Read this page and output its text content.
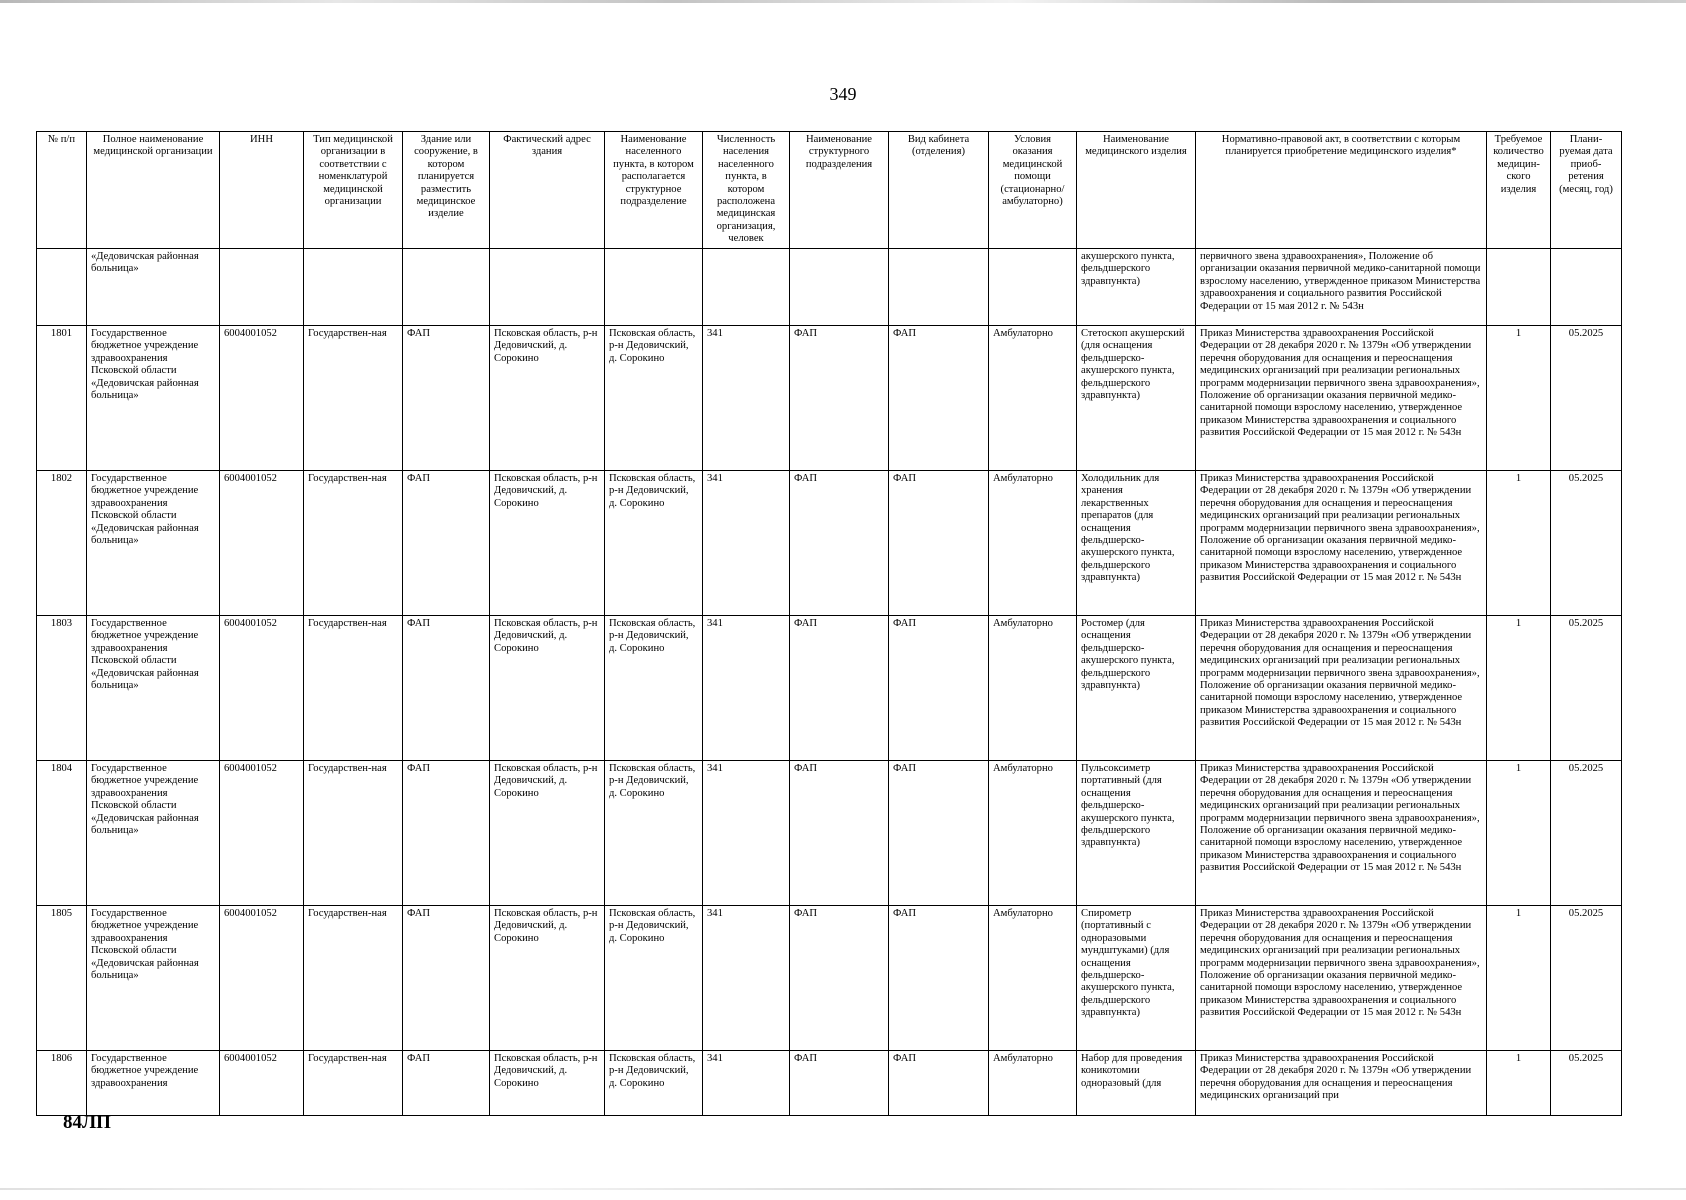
349
№ п/п	Полное наименование медицинской организации	ИНН	Тип медицинской организации в соответствии с номенклатурой медицинской организации	Здание или сооружение, в котором планируется разместить медицинское изделие	Фактический адрес здания	Наименование населенного пункта, в котором располагается структурное подразделение	Численность населения населенного пункта, в котором расположена медицинская организация, человек	Наименование структурного подразделения	Вид кабинета (отделения)	Условия оказания медицинской помощи (стационарно/ амбулаторно)	Наименование медицинского изделия	Нормативно-правовой акт, в соответствии с которым планируется приобретение медицинского изделия*	Требуемое количество медицин-ского изделия	Плани-руемая дата приоб-ретения (месяц, год)
	«Дедовичская районная больница»										акушерского пункта, фельдшерского здравпункта)	первичного звена здравоохранения», Положение об организации оказания первичной медико-санитарной помощи взрослому населению, утвержденное приказом Министерства здравоохранения и социального развития Российской Федерации от 15 мая 2012 г. № 543н		
1801	Государственное бюджетное учреждение здравоохранения Псковской области «Дедовичская районная больница»	6004001052	Государствен-ная	ФАП	Псковская область, р-н Дедовичский, д. Сорокино	Псковская область, р-н Дедовичский, д. Сорокино	341	ФАП	ФАП	Амбулаторно	Стетоскоп акушерский (для оснащения фельдшерско-акушерского пункта, фельдшерского здравпункта)	Приказ Министерства здравоохранения Российской Федерации от 28 декабря 2020 г. № 1379н «Об утверждении перечня оборудования для оснащения и переоснащения медицинских организаций при реализации региональных программ модернизации первичного звена здравоохранения», Положение об организации оказания первичной медико-санитарной помощи взрослому населению, утвержденное приказом Министерства здравоохранения и социального развития Российской Федерации от 15 мая 2012 г. № 543н	1	05.2025
1802	Государственное бюджетное учреждение здравоохранения Псковской области «Дедовичская районная больница»	6004001052	Государствен-ная	ФАП	Псковская область, р-н Дедовичский, д. Сорокино	Псковская область, р-н Дедовичский, д. Сорокино	341	ФАП	ФАП	Амбулаторно	Холодильник для хранения лекарственных препаратов (для оснащения фельдшерско-акушерского пункта, фельдшерского здравпункта)	Приказ Министерства здравоохранения Российской Федерации от 28 декабря 2020 г. № 1379н «Об утверждении перечня оборудования для оснащения и переоснащения медицинских организаций при реализации региональных программ модернизации первичного звена здравоохранения», Положение об организации оказания первичной медико-санитарной помощи взрослому населению, утвержденное приказом Министерства здравоохранения и социального развития Российской Федерации от 15 мая 2012 г. № 543н	1	05.2025
1803	Государственное бюджетное учреждение здравоохранения Псковской области «Дедовичская районная больница»	6004001052	Государствен-ная	ФАП	Псковская область, р-н Дедовичский, д. Сорокино	Псковская область, р-н Дедовичский, д. Сорокино	341	ФАП	ФАП	Амбулаторно	Ростомер (для оснащения фельдшерско-акушерского пункта, фельдшерского здравпункта)	Приказ Министерства здравоохранения Российской Федерации от 28 декабря 2020 г. № 1379н «Об утверждении перечня оборудования для оснащения и переоснащения медицинских организаций при реализации региональных программ модернизации первичного звена здравоохранения», Положение об организации оказания первичной медико-санитарной помощи взрослому населению, утвержденное приказом Министерства здравоохранения и социального развития Российской Федерации от 15 мая 2012 г. № 543н	1	05.2025
1804	Государственное бюджетное учреждение здравоохранения Псковской области «Дедовичская районная больница»	6004001052	Государствен-ная	ФАП	Псковская область, р-н Дедовичский, д. Сорокино	Псковская область, р-н Дедовичский, д. Сорокино	341	ФАП	ФАП	Амбулаторно	Пульсоксиметр портативный (для оснащения фельдшерско-акушерского пункта, фельдшерского здравпункта)	Приказ Министерства здравоохранения Российской Федерации от 28 декабря 2020 г. № 1379н «Об утверждении перечня оборудования для оснащения и переоснащения медицинских организаций при реализации региональных программ модернизации первичного звена здравоохранения», Положение об организации оказания первичной медико-санитарной помощи взрослому населению, утвержденное приказом Министерства здравоохранения и социального развития Российской Федерации от 15 мая 2012 г. № 543н	1	05.2025
1805	Государственное бюджетное учреждение здравоохранения Псковской области «Дедовичская районная больница»	6004001052	Государствен-ная	ФАП	Псковская область, р-н Дедовичский, д. Сорокино	Псковская область, р-н Дедовичский, д. Сорокино	341	ФАП	ФАП	Амбулаторно	Спирометр (портативный с одноразовыми мундштуками) (для оснащения фельдшерско-акушерского пункта, фельдшерского здравпункта)	Приказ Министерства здравоохранения Российской Федерации от 28 декабря 2020 г. № 1379н «Об утверждении перечня оборудования для оснащения и переоснащения медицинских организаций при реализации региональных программ модернизации первичного звена здравоохранения», Положение об организации оказания первичной медико-санитарной помощи взрослому населению, утвержденное приказом Министерства здравоохранения и социального развития Российской Федерации от 15 мая 2012 г. № 543н	1	05.2025
1806	Государственное бюджетное учреждение здравоохранения	6004001052	Государствен-ная	ФАП	Псковская область, р-н Дедовичский, д. Сорокино	Псковская область, р-н Дедовичский, д. Сорокино	341	ФАП	ФАП	Амбулаторно	Набор для проведения коникотомии одноразовый (для	Приказ Министерства здравоохранения Российской Федерации от 28 декабря 2020 г. № 1379н «Об утверждении перечня оборудования для оснащения и переоснащения медицинских организаций при	1	05.2025
84ЛП
